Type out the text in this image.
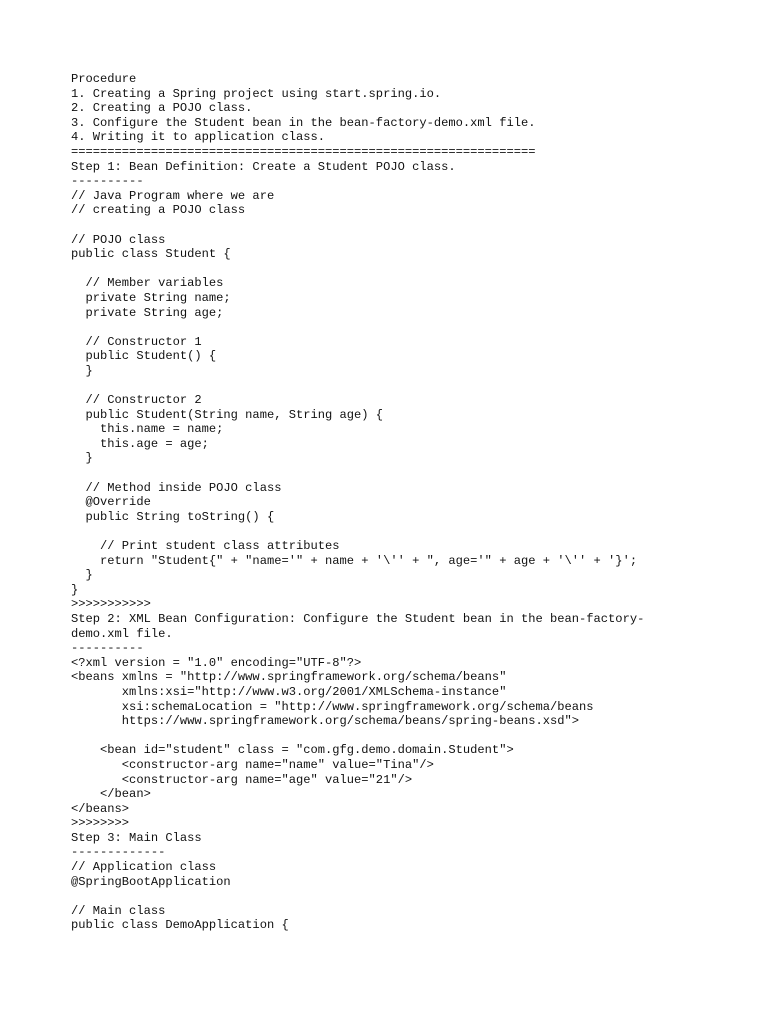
Procedure
1. Creating a Spring project using start.spring.io.
2. Creating a POJO class.
3. Configure the Student bean in the bean-factory-demo.xml file.
4. Writing it to application class.
================================================================
Step 1: Bean Definition: Create a Student POJO class.
----------
// Java Program where we are
// creating a POJO class
// POJO class
public class Student {
// Member variables
private String name;
private String age;
// Constructor 1
public Student() {
}
// Constructor 2
public Student(String name, String age) {
this.name = name;
this.age = age;
}
// Method inside POJO class
@Override
public String toString() {
// Print student class attributes
return "Student{" + "name='" + name + '\'' + ", age='" + age + '\'' + '}';
}
}
>>>>>>>>>>>
Step 2: XML Bean Configuration: Configure the Student bean in the bean-factory-
demo.xml file.
----------
<?xml version = "1.0" encoding="UTF-8"?>
<beans xmlns = "http://www.springframework.org/schema/beans"
xmlns:xsi="http://www.w3.org/2001/XMLSchema-instance"
xsi:schemaLocation = "http://www.springframework.org/schema/beans
https://www.springframework.org/schema/beans/spring-beans.xsd">
<bean id="student" class = "com.gfg.demo.domain.Student">
<constructor-arg name="name" value="Tina"/>
<constructor-arg name="age" value="21"/>
</bean>
</beans>
>>>>>>>>
Step 3: Main Class
-------------
// Application class
@SpringBootApplication
// Main class
public class DemoApplication {
